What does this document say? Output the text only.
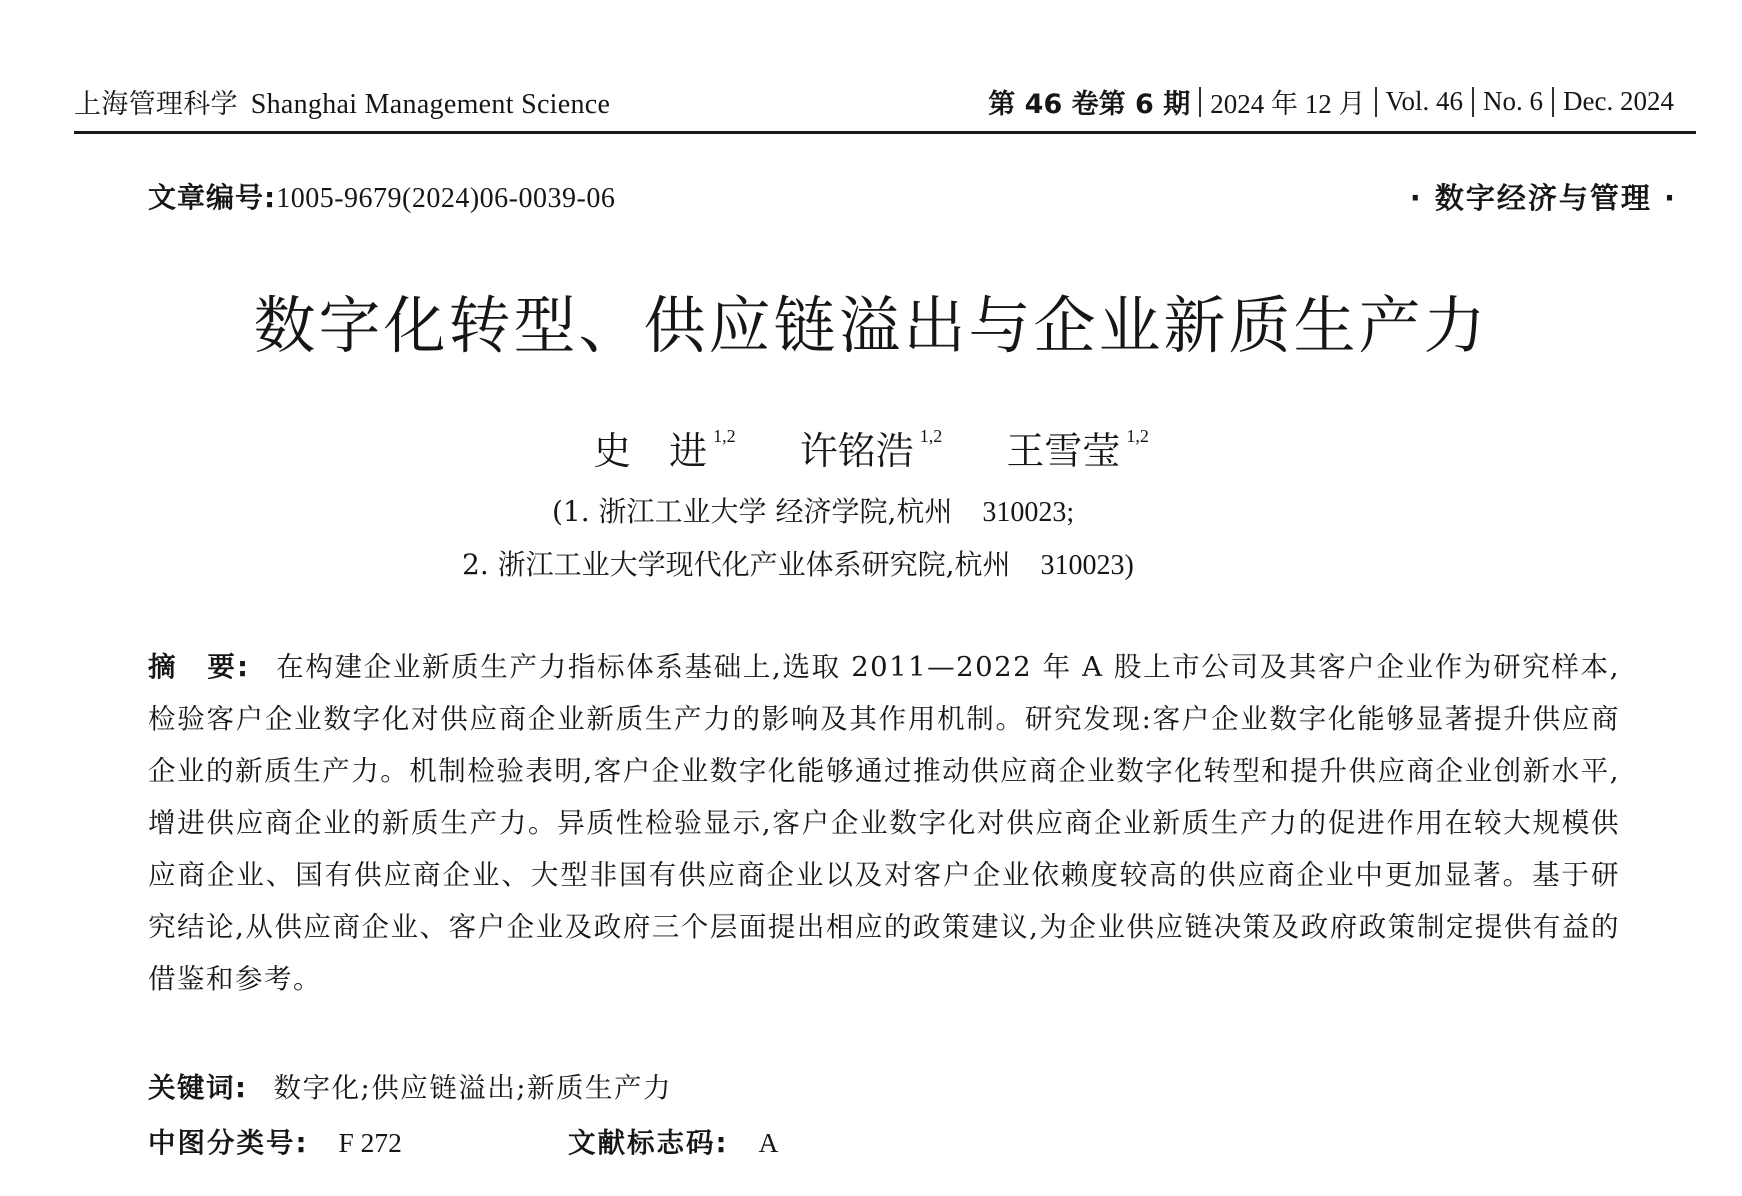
上海管理科学 Shanghai Management Science	第 46 卷第 6 期 2024 年 12 月 Vol. 46 No. 6 Dec. 2024
文章编号:1005-9679(2024)06-0039-06	· 数字经济与管理 ·
数字化转型、供应链溢出与企业新质生产力
史　进 $^{1,2}$ 许铭浩 $^{1,2}$ 王雪莹 $^{1,2}$
(1. 浙江工业大学 经济学院,杭州 310023;
2. 浙江工业大学现代化产业体系研究院,杭州 310023)
摘　要: 在构建企业新质生产力指标体系基础上,选取 2011—2022 年 A 股上市公司及其客户企业作为研究样本,检验客户企业数字化对供应商企业新质生产力的影响及其作用机制。研究发现:客户企业数字化能够显著提升供应商企业的新质生产力。机制检验表明,客户企业数字化能够通过推动供应商企业数字化转型和提升供应商企业创新水平,增进供应商企业的新质生产力。异质性检验显示,客户企业数字化对供应商企业新质生产力的促进作用在较大规模供应商企业、国有供应商企业、大型非国有供应商企业以及对客户企业依赖度较高的供应商企业中更加显著。基于研究结论,从供应商企业、客户企业及政府三个层面提出相应的政策建议,为企业供应链决策及政府政策制定提供有益的借鉴和参考。
关键词: 数字化;供应链溢出;新质生产力
中图分类号: F 272	文献标志码: A
